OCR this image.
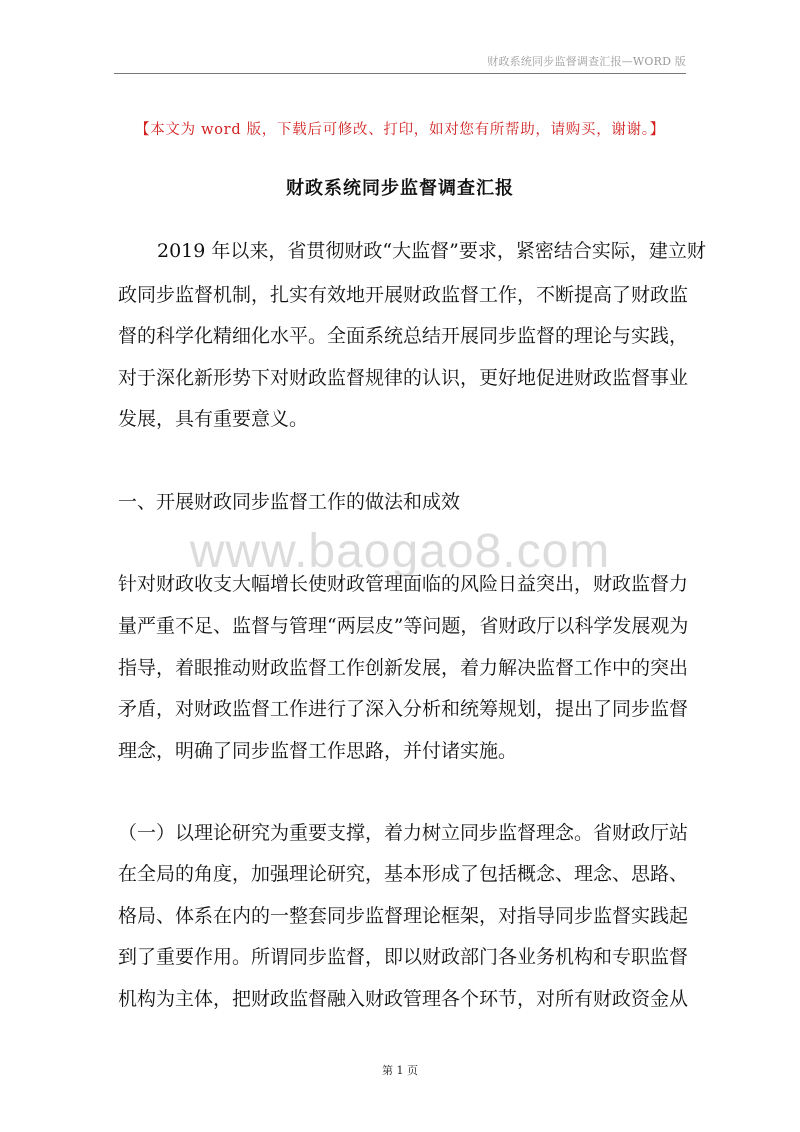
财政系统同步监督调查汇报—WORD 版
【本文为 word 版，下载后可修改、打印，如对您有所帮助，请购买，谢谢。】
财政系统同步监督调查汇报
2019 年以来，省贯彻财政“大监督”要求，紧密结合实际，建立财
政同步监督机制，扎实有效地开展财政监督工作，不断提高了财政监
督的科学化精细化水平。全面系统总结开展同步监督的理论与实践，
对于深化新形势下对财政监督规律的认识，更好地促进财政监督事业
发展，具有重要意义。
一、开展财政同步监督工作的做法和成效
www.baogao8.com
针对财政收支大幅增长使财政管理面临的风险日益突出，财政监督力
量严重不足、监督与管理“两层皮”等问题，省财政厅以科学发展观为
指导，着眼推动财政监督工作创新发展，着力解决监督工作中的突出
矛盾，对财政监督工作进行了深入分析和统筹规划，提出了同步监督
理念，明确了同步监督工作思路，并付诸实施。
（一）以理论研究为重要支撑，着力树立同步监督理念。省财政厅站
在全局的角度，加强理论研究，基本形成了包括概念、理念、思路、
格局、体系在内的一整套同步监督理论框架，对指导同步监督实践起
到了重要作用。所谓同步监督，即以财政部门各业务机构和专职监督
机构为主体，把财政监督融入财政管理各个环节，对所有财政资金从
第 1 页
